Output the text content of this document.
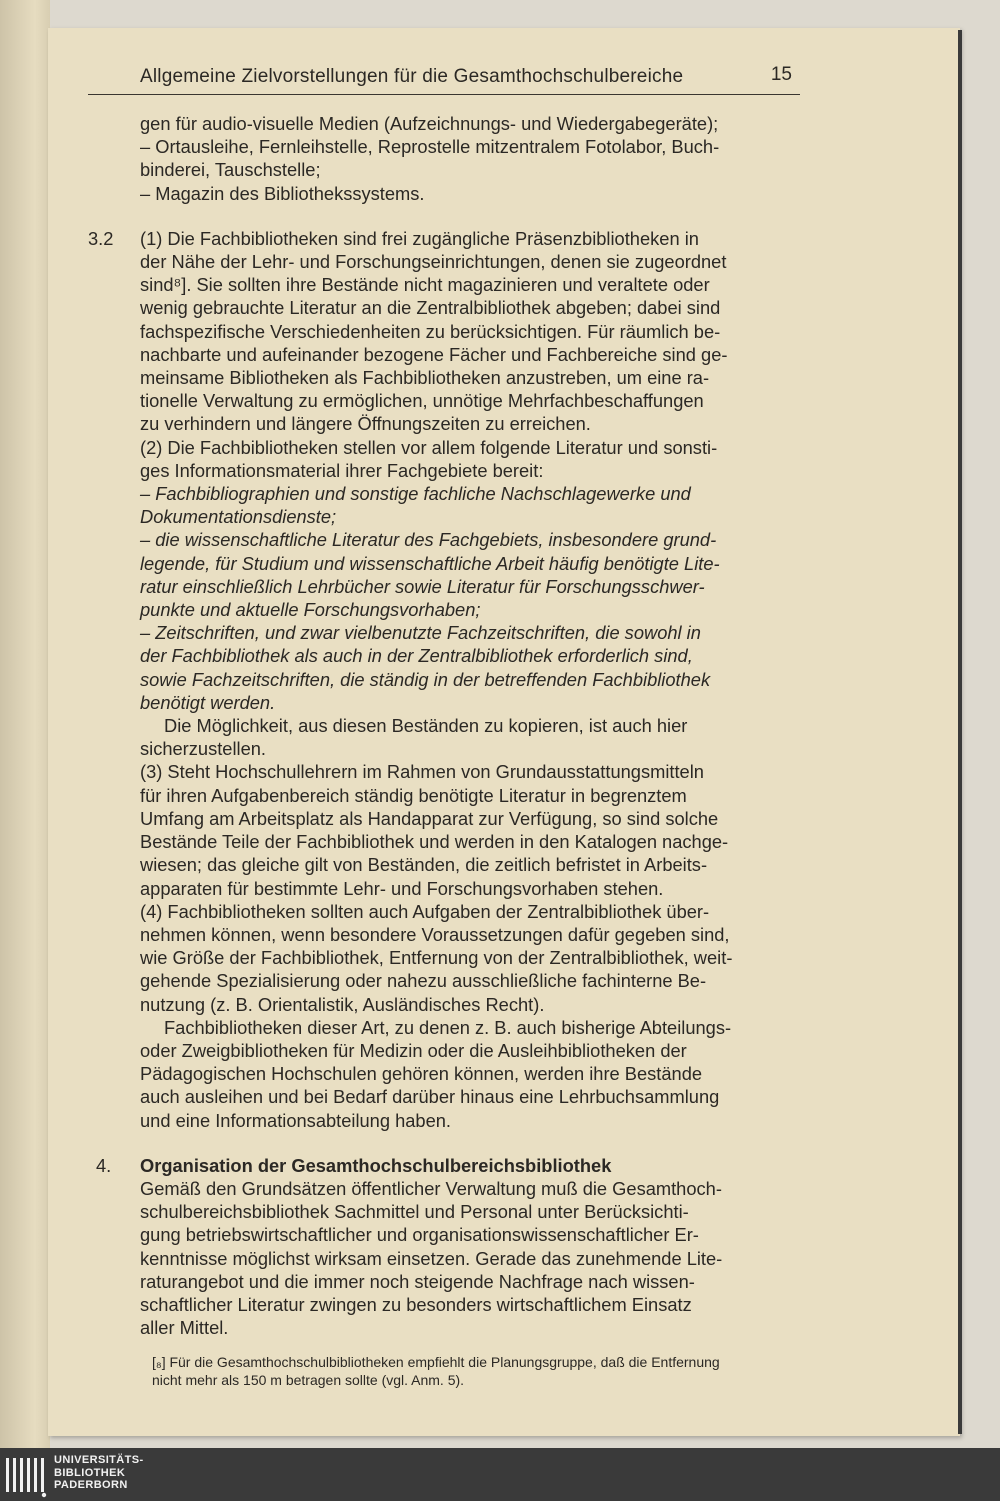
Allgemeine Zielvorstellungen für die Gesamthochschulbereiche	15
gen für audio-visuelle Medien (Aufzeichnungs- und Wiedergabegeräte);
– Ortausleihe, Fernleihstelle, Reprostelle mitzentralem Fotolabor, Buch-
binderei, Tauschstelle;
– Magazin des Bibliothekssystems.
3.2 (1) Die Fachbibliotheken sind frei zugängliche Präsenzbibliotheken in
der Nähe der Lehr- und Forschungseinrichtungen, denen sie zugeordnet
sind⁸]. Sie sollten ihre Bestände nicht magazinieren und veraltete oder
wenig gebrauchte Literatur an die Zentralbibliothek abgeben; dabei sind
fachspezifische Verschiedenheiten zu berücksichtigen. Für räumlich be-
nachbarte und aufeinander bezogene Fächer und Fachbereiche sind ge-
meinsame Bibliotheken als Fachbibliotheken anzustreben, um eine ra-
tionelle Verwaltung zu ermöglichen, unnötige Mehrfachbeschaffungen
zu verhindern und längere Öffnungszeiten zu erreichen.
(2) Die Fachbibliotheken stellen vor allem folgende Literatur und sonsti-
ges Informationsmaterial ihrer Fachgebiete bereit:
– Fachbibliographien und sonstige fachliche Nachschlagewerke und
Dokumentationsdienste;
– die wissenschaftliche Literatur des Fachgebiets, insbesondere grund-
legende, für Studium und wissenschaftliche Arbeit häufig benötigte Lite-
ratur einschließlich Lehrbücher sowie Literatur für Forschungsschwer-
punkte und aktuelle Forschungsvorhaben;
– Zeitschriften, und zwar vielbenutzte Fachzeitschriften, die sowohl in
der Fachbibliothek als auch in der Zentralbibliothek erforderlich sind,
sowie Fachzeitschriften, die ständig in der betreffenden Fachbibliothek
benötigt werden.
Die Möglichkeit, aus diesen Beständen zu kopieren, ist auch hier
sicherzustellen.
(3) Steht Hochschullehrern im Rahmen von Grundausstattungsmitteln
für ihren Aufgabenbereich ständig benötigte Literatur in begrenztem
Umfang am Arbeitsplatz als Handapparat zur Verfügung, so sind solche
Bestände Teile der Fachbibliothek und werden in den Katalogen nachge-
wiesen; das gleiche gilt von Beständen, die zeitlich befristet in Arbeits-
apparaten für bestimmte Lehr- und Forschungsvorhaben stehen.
(4) Fachbibliotheken sollten auch Aufgaben der Zentralbibliothek über-
nehmen können, wenn besondere Voraussetzungen dafür gegeben sind,
wie Größe der Fachbibliothek, Entfernung von der Zentralbibliothek, weit-
gehende Spezialisierung oder nahezu ausschließliche fachinterne Be-
nutzung (z. B. Orientalistik, Ausländisches Recht).
Fachbibliotheken dieser Art, zu denen z. B. auch bisherige Abteilungs-
oder Zweigbibliotheken für Medizin oder die Ausleihbibliotheken der
Pädagogischen Hochschulen gehören können, werden ihre Bestände
auch ausleihen und bei Bedarf darüber hinaus eine Lehrbuchsammlung
und eine Informationsabteilung haben.
4. Organisation der Gesamthochschulbereichsbibliothek
Gemäß den Grundsätzen öffentlicher Verwaltung muß die Gesamthoch-
schulbereichsbibliothek Sachmittel und Personal unter Berücksichti-
gung betriebswirtschaftlicher und organisationswissenschaftlicher Er-
kenntnisse möglichst wirksam einsetzen. Gerade das zunehmende Lite-
raturangebot und die immer noch steigende Nachfrage nach wissen-
schaftlicher Literatur zwingen zu besonders wirtschaftlichem Einsatz
aller Mittel.
[₈] Für die Gesamthochschulbibliotheken empfiehlt die Planungsgruppe, daß die Entfernung
nicht mehr als 150 m betragen sollte (vgl. Anm. 5).
UNIVERSITÄTS-
BIBLIOTHEK
PADERBORN
